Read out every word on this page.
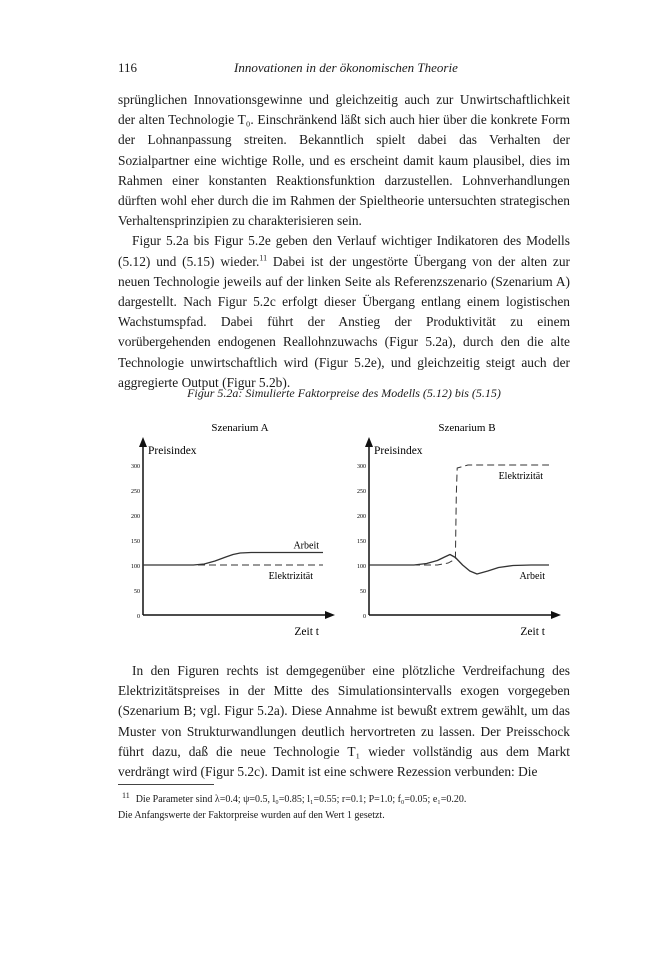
116	Innovationen in der ökonomischen Theorie

sprünglichen Innovationsgewinne und gleichzeitig auch zur Unwirtschaftlichkeit der alten Technologie T₀. Einschränkend läßt sich auch hier über die konkrete Form der Lohnanpassung streiten. Bekanntlich spielt dabei das Verhalten der Sozialpartner eine wichtige Rolle, und es erscheint damit kaum plausibel, dies im Rahmen einer konstanten Reaktionsfunktion darzustellen. Lohnverhandlungen dürften wohl eher durch die im Rahmen der Spieltheorie untersuchten strategischen Verhaltensprinzipien zu charakterisieren sein.

Figur 5.2a bis Figur 5.2e geben den Verlauf wichtiger Indikatoren des Modells (5.12) und (5.15) wieder.$^{11}$ Dabei ist der ungestörte Übergang von der alten zur neuen Technologie jeweils auf der linken Seite als Referenzszenario (Szenarium A) dargestellt. Nach Figur 5.2c erfolgt dieser Übergang entlang einem logistischen Wachstumspfad. Dabei führt der Anstieg der Produktivität zu einem vorübergehenden endogenen Reallohnzuwachs (Figur 5.2a), durch den die alte Technologie unwirtschaftlich wird (Figur 5.2e), und gleichzeitig steigt auch der aggregierte Output (Figur 5.2b).

Figur 5.2a: Simulierte Faktorpreise des Modells (5.12) bis (5.15)
Szenarium A
Preisindex
Zeit t
0
50
100
150
200
250
300
Arbeit
Elektrizität
Szenarium B
Preisindex
Zeit t
0
50
100
150
200
250
300
Arbeit
Elektrizität

In den Figuren rechts ist demgegenüber eine plötzliche Verdreifachung des Elektrizitätspreises in der Mitte des Simulationsintervalls exogen vorgegeben (Szenarium B; vgl. Figur 5.2a). Diese Annahme ist bewußt extrem gewählt, um das Muster von Strukturwandlungen deutlich hervortreten zu lassen. Der Preisschock führt dazu, daß die neue Technologie T₁ wieder vollständig aus dem Markt verdrängt wird (Figur 5.2c). Damit ist eine schwere Rezession verbunden: Die

$^{11}$ Die Parameter sind λ=0.4; ψ=0.5, l₀=0.85; l₁=0.55; r=0.1; P=1.0; f₀=0.05; e₁=0.20.
Die Anfangswerte der Faktorpreise wurden auf den Wert 1 gesetzt.
